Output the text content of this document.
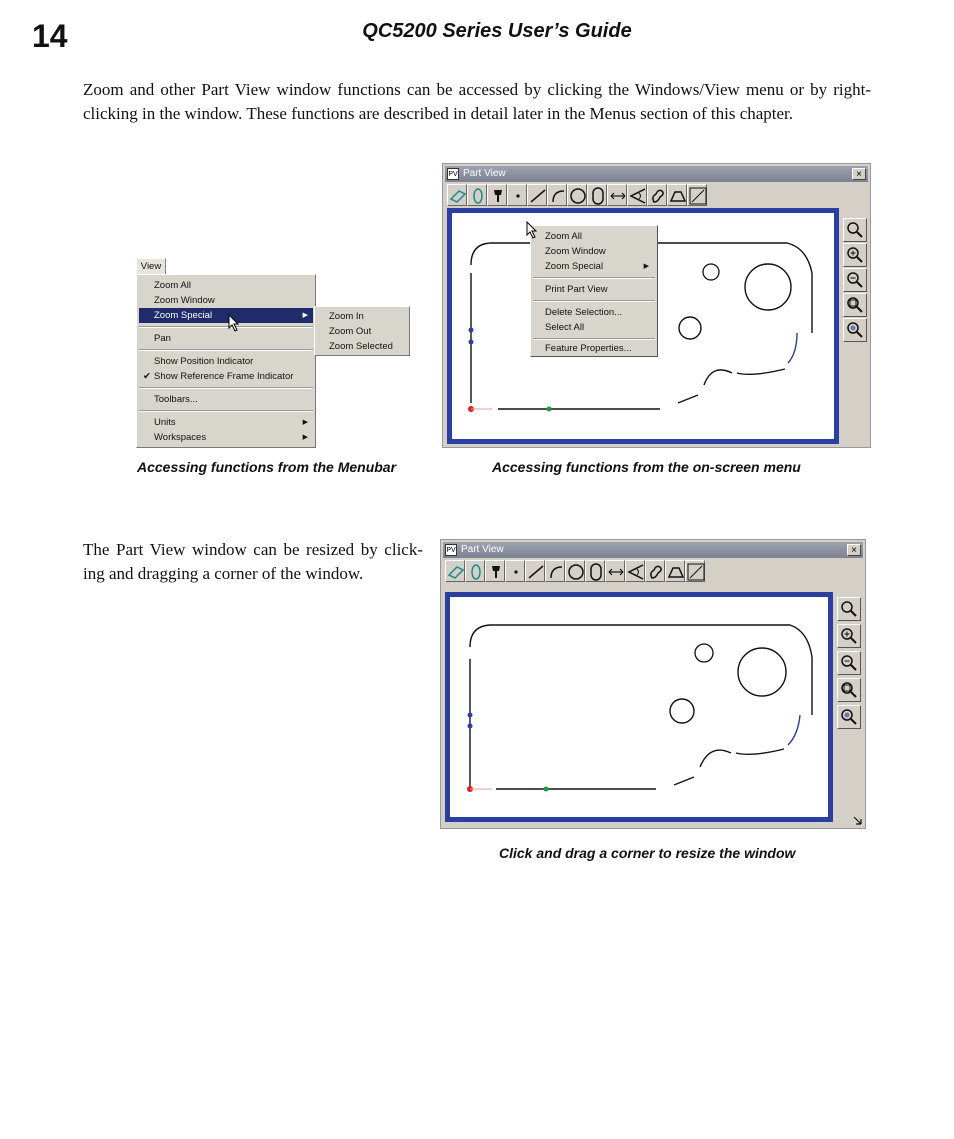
14	QC5200 Series User’s Guide
Zoom and other Part View window functions can be accessed by clicking the Windows/View menu or by right-clicking in the window. These functions are described in detail later in the Menus section of this chapter.
View
Zoom All
Zoom Window
Zoom Special	▶
Pan
Show Position Indicator
✔ Show Reference Frame Indicator
Toolbars...
Units	▶
Workspaces	▶
Zoom In
Zoom Out
Zoom Selected
Accessing functions from the Menubar
PV Part View	×
Zoom All
Zoom Window
Zoom Special	▶
Print Part View
Delete Selection...
Select All
Feature Properties...
Accessing functions from the on-screen menu
The Part View window can be resized by click-ing and dragging a corner of the window.
PV Part View	×
Click and drag a corner to resize the window
